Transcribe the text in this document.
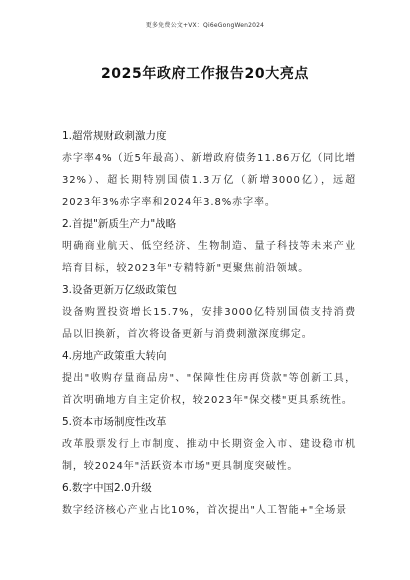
更多免费公文+VX：Qi6eGongWen2024
2025年政府工作报告20大亮点
1.超常规财政刺激力度
赤字率4%（近5年最高）、新增政府债务11.86万亿（同比增32%）、超长期特别国债1.3万亿（新增3000亿），远超2023年3%赤字率和2024年3.8%赤字率。
2.首提"新质生产力"战略
明确商业航天、低空经济、生物制造、量子科技等未来产业培育目标，较2023年"专精特新"更聚焦前沿领域。
3.设备更新万亿级政策包
设备购置投资增长15.7%，安排3000亿特别国债支持消费品以旧换新，首次将设备更新与消费刺激深度绑定。
4.房地产政策重大转向
提出"收购存量商品房"、"保障性住房再贷款"等创新工具，首次明确地方自主定价权，较2023年"保交楼"更具系统性。
5.资本市场制度性改革
改革股票发行上市制度、推动中长期资金入市、建设稳市机制，较2024年"活跃资本市场"更具制度突破性。
6.数字中国2.0升级
数字经济核心产业占比10%，首次提出"人工智能+"全场景
